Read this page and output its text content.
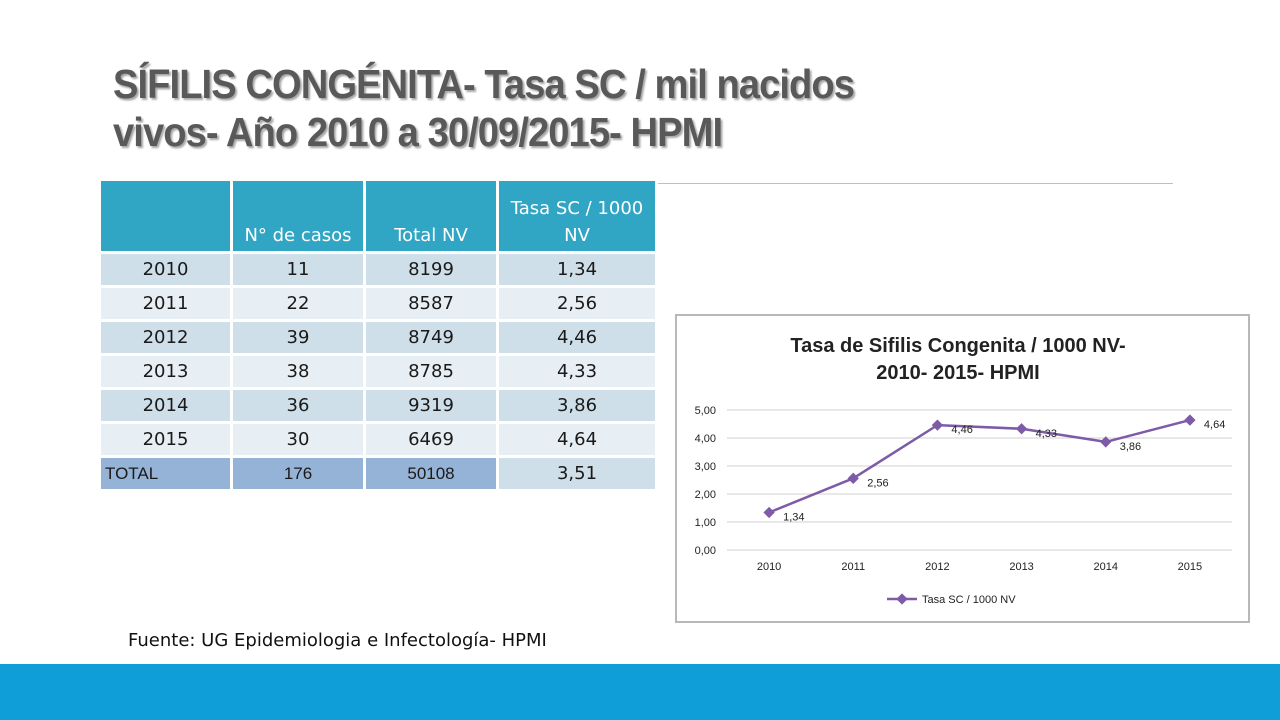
SÍFILIS CONGÉNITA- Tasa SC / mil nacidos
vivos- Año 2010 a 30/09/2015- HPMI
	N° de casos	Total NV	Tasa SC / 1000 NV
2010	11	8199	1,34
2011	22	8587	2,56
2012	39	8749	4,46
2013	38	8785	4,33
2014	36	9319	3,86
2015	30	6469	4,64
TOTAL	176	50108	3,51
Tasa de Sifilis Congenita / 1000 NV-
2010- 2015- HPMI
0,00
1,00
2,00
3,00
4,00
5,00
2010	2011	2012	2013	2014	2015
1,34
2,56
4,46	4,33
3,86
4,64
Tasa SC / 1000 NV
Fuente: UG Epidemiologia e Infectología- HPMI
